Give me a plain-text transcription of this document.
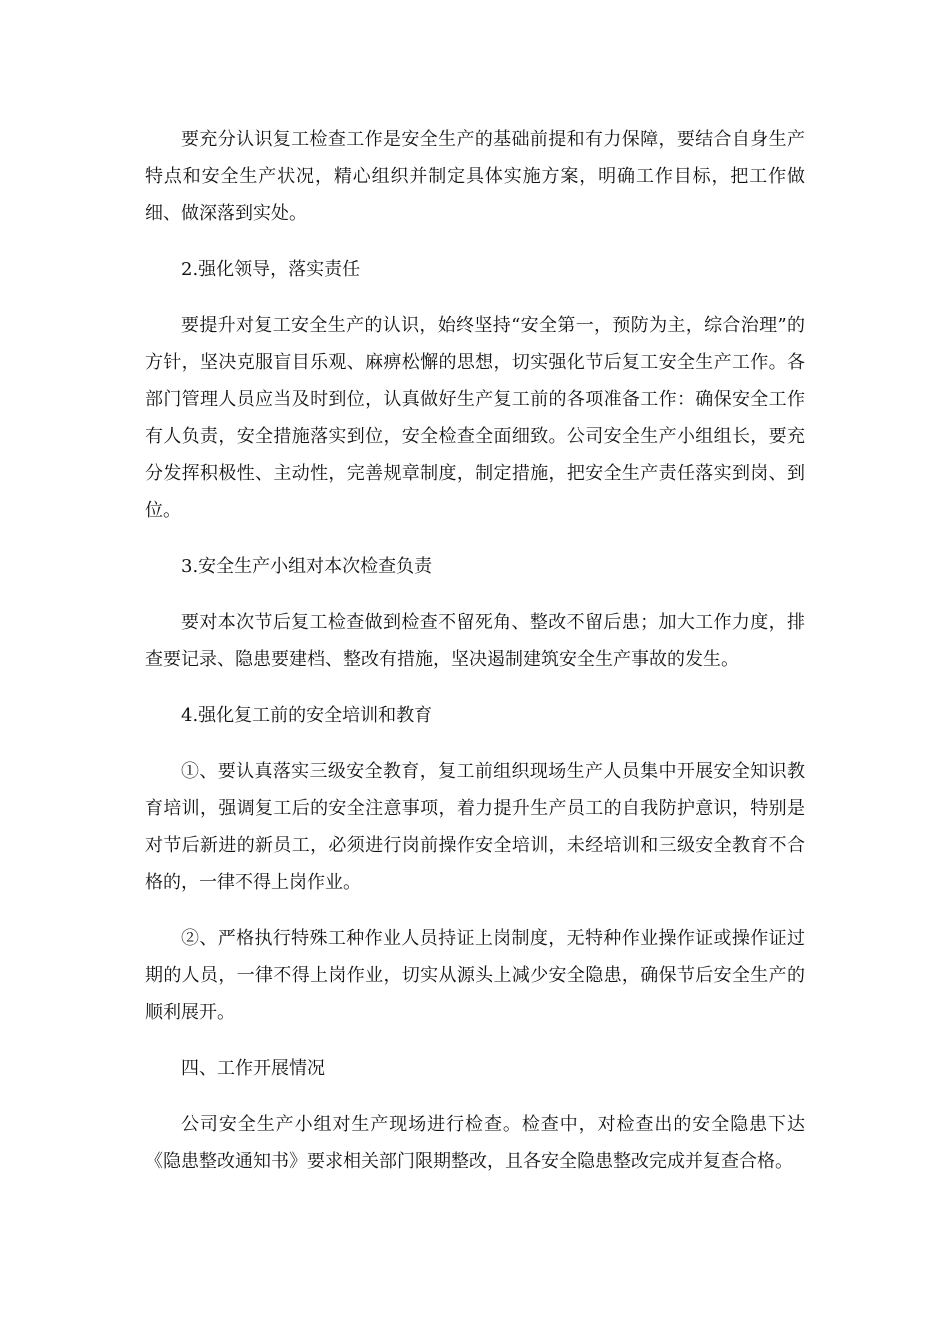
要充分认识复工检查工作是安全生产的基础前提和有力保障，要结合自身生产特点和安全生产状况，精心组织并制定具体实施方案，明确工作目标，把工作做细、做深落到实处。

2.强化领导，落实责任

要提升对复工安全生产的认识，始终坚持“安全第一，预防为主，综合治理”的方针，坚决克服盲目乐观、麻痹松懈的思想，切实强化节后复工安全生产工作。各部门管理人员应当及时到位，认真做好生产复工前的各项准备工作：确保安全工作有人负责，安全措施落实到位，安全检查全面细致。公司安全生产小组组长，要充分发挥积极性、主动性，完善规章制度，制定措施，把安全生产责任落实到岗、到位。

3.安全生产小组对本次检查负责

要对本次节后复工检查做到检查不留死角、整改不留后患；加大工作力度，排查要记录、隐患要建档、整改有措施，坚决遏制建筑安全生产事故的发生。

4.强化复工前的安全培训和教育

①、要认真落实三级安全教育，复工前组织现场生产人员集中开展安全知识教育培训，强调复工后的安全注意事项，着力提升生产员工的自我防护意识，特别是对节后新进的新员工，必须进行岗前操作安全培训，未经培训和三级安全教育不合格的，一律不得上岗作业。

②、严格执行特殊工种作业人员持证上岗制度，无特种作业操作证或操作证过期的人员，一律不得上岗作业，切实从源头上减少安全隐患，确保节后安全生产的顺利展开。

四、工作开展情况

公司安全生产小组对生产现场进行检查。检查中，对检查出的安全隐患下达《隐患整改通知书》要求相关部门限期整改，且各安全隐患整改完成并复查合格。
